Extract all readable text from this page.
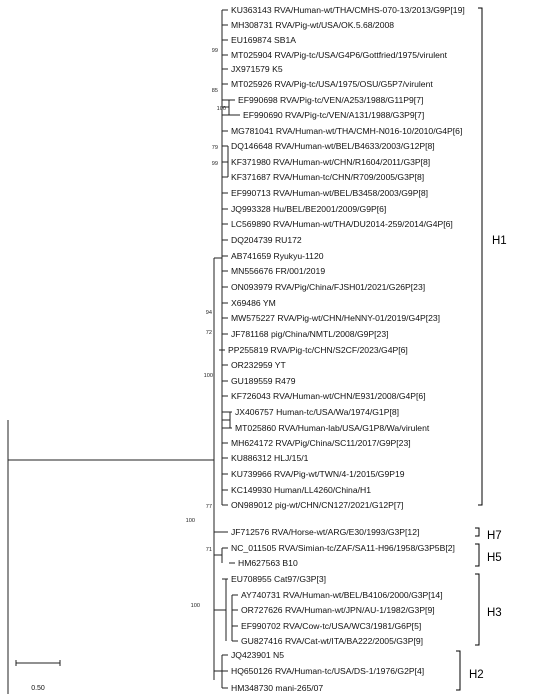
KU363143 RVA/Human-wt/THA/CMHS-070-13/2013/G9P[19]
MH308731 RVA/Pig-wt/USA/OK.5.68/2008
EU169874 SB1A
MT025904 RVA/Pig-tc/USA/G4P6/Gottfried/1975/virulent
JX971579 K5
MT025926 RVA/Pig-tc/USA/1975/OSU/G5P7/virulent
EF990698 RVA/Pig-tc/VEN/A253/1988/G11P9[7]
EF990690 RVA/Pig-tc/VEN/A131/1988/G3P9[7]
MG781041 RVA/Human-wt/THA/CMH-N016-10/2010/G4P[6]
DQ146648 RVA/Human-wt/BEL/B4633/2003/G12P[8]
KF371980 RVA/Human-wt/CHN/R1604/2011/G3P[8]
KF371687 RVA/Human-tc/CHN/R709/2005/G3P[8]
EF990713 RVA/Human-wt/BEL/B3458/2003/G9P[8]
JQ993328 Hu/BEL/BE2001/2009/G9P[6]
LC569890 RVA/Human-wt/THA/DU2014-259/2014/G4P[6]
DQ204739 RU172
AB741659 Ryukyu-1120
MN556676 FR/001/2019
ON093979 RVA/Pig/China/FJSH01/2021/G26P[23]
X69486 YM
MW575227 RVA/Pig-wt/CHN/HeNNY-01/2019/G4P[23]
JF781168 pig/China/NMTL/2008/G9P[23]
PP255819 RVA/Pig-tc/CHN/S2CF/2023/G4P[6]
OR232959 YT
GU189559 R479
KF726043 RVA/Human-wt/CHN/E931/2008/G4P[6]
JX406757 Human-tc/USA/Wa/1974/G1P[8]
MT025860 RVA/Human-lab/USA/G1P8/Wa/virulent
MH624172 RVA/Pig/China/SC11/2017/G9P[23]
KU886312 HLJ/15/1
KU739966 RVA/Pig-wt/TWN/4-1/2015/G9P19
KC149930 Human/LL4260/China/H1
ON989012 pig-wt/CHN/CN127/2021/G12P[7]
JF712576 RVA/Horse-wt/ARG/E30/1993/G3P[12]
NC_011505 RVA/Simian-tc/ZAF/SA11-H96/1958/G3P5B[2]
HM627563 B10
EU708955 Cat97/G3P[3]
AY740731 RVA/Human-wt/BEL/B4106/2000/G3P[14]
OR727626 RVA/Human-wt/JPN/AU-1/1982/G3P[9]
EF990702 RVA/Cow-tc/USA/WC3/1981/G6P[5]
GU827416 RVA/Cat-wt/ITA/BA222/2005/G3P[9]
JQ423901 N5
HQ650126 RVA/Human-tc/USA/DS-1/1976/G2P[4]
HM348730 mani-265/07
99
85
100
79
99
94
72
100
100
77
71
100
H1
H7
H5
H3
H2
0.50
